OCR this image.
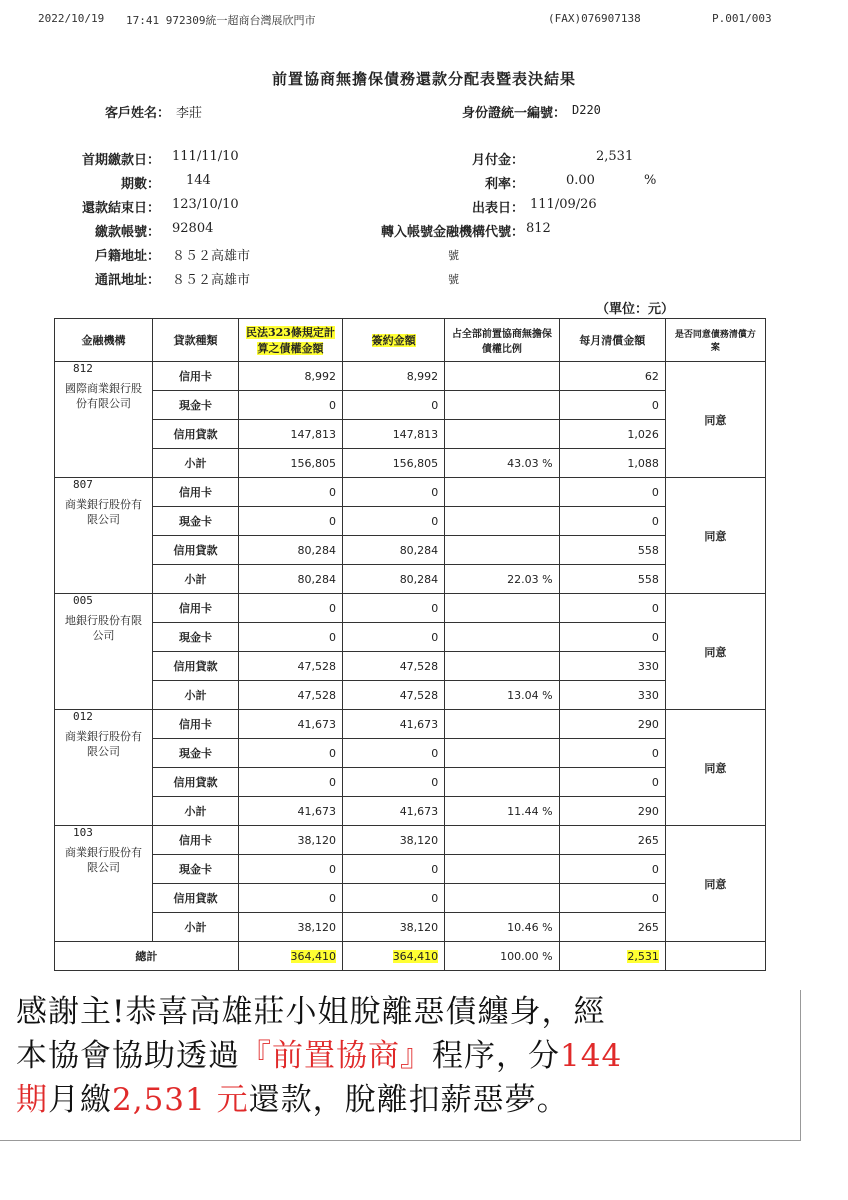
2022/10/19 17:41 972309統一超商台灣展欣門市	(FAX)076907138	P.001/003
前置協商無擔保債務還款分配表暨表決結果
客戶姓名： 李莊	身份證統一編號： D220
首期繳款日： 111/11/10
期數： 144
還款結束日： 123/10/10
繳款帳號： 92804
戶籍地址： ８５２高雄市	號
通訊地址： ８５２高雄市	號
月付金：	2,531
利率：	0.00	%
出表日： 111/09/26
轉入帳號金融機構代號： 812
（單位：元）
金融機構	貸款種類	民法323條規定計算之債權金額	簽約金額	占全部前置協商無擔保債權比例	每月清償金額	是否同意債務清償方案

812
國際商業銀行股份有限公司	信用卡	8,992	8,992		62	同意
	現金卡	0	0		0	
	信用貸款	147,813	147,813		1,026	
	小計	156,805	156,805	43.03 %	1,088	

807
商業銀行股份有限公司	信用卡	0	0		0	同意
	現金卡	0	0		0	
	信用貸款	80,284	80,284		558	
	小計	80,284	80,284	22.03 %	558	

005
地銀行股份有限公司	信用卡	0	0		0	同意
	現金卡	0	0		0	
	信用貸款	47,528	47,528		330	
	小計	47,528	47,528	13.04 %	330	

012
商業銀行股份有限公司	信用卡	41,673	41,673		290	同意
	現金卡	0	0		0	
	信用貸款	0	0		0	
	小計	41,673	41,673	11.44 %	290	

103
商業銀行股份有限公司	信用卡	38,120	38,120		265	同意
	現金卡	0	0		0	
	信用貸款	0	0		0	
	小計	38,120	38,120	10.46 %	265	
總計		364,410	364,410	100.00 %	2,531	

感謝主!恭喜高雄莊小姐脫離惡債纏身，經

本協會協助透過『前置協商』程序，分144

期月繳2,531 元還款，脫離扣薪惡夢。
